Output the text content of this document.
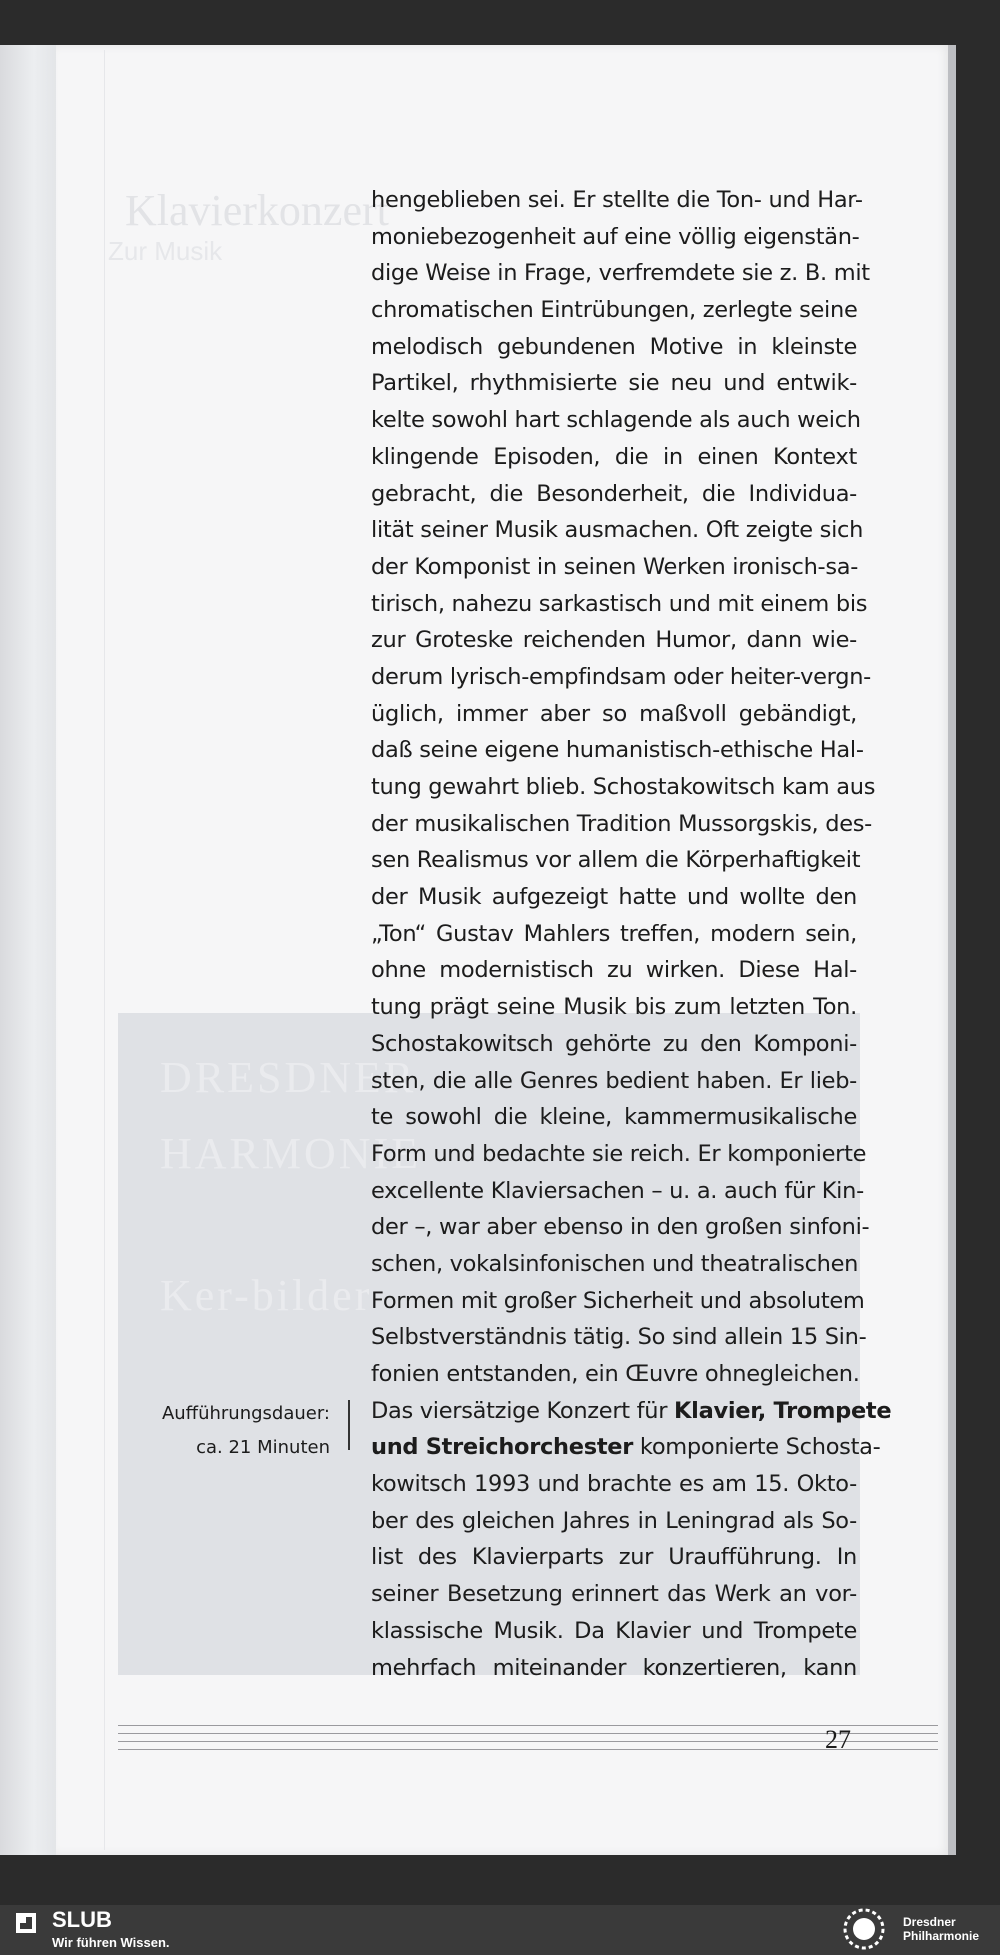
Klavierkonzert
Zur Musik
DRESDNER
HARMONIE
Ker-bilder
hengeblieben sei. Er stellte die Ton- und Har-
moniebezogenheit auf eine völlig eigenstän-
dige Weise in Frage, verfremdete sie z. B. mit
chromatischen Eintrübungen, zerlegte seine
melodisch gebundenen Motive in kleinste
Partikel, rhythmisierte sie neu und entwik-
kelte sowohl hart schlagende als auch weich
klingende Episoden, die in einen Kontext
gebracht, die Besonderheit, die Individua-
lität seiner Musik ausmachen. Oft zeigte sich
der Komponist in seinen Werken ironisch-sa-
tirisch, nahezu sarkastisch und mit einem bis
zur Groteske reichenden Humor, dann wie-
derum lyrisch-empfindsam oder heiter-vergn-
üglich, immer aber so maßvoll gebändigt,
daß seine eigene humanistisch-ethische Hal-
tung gewahrt blieb. Schostakowitsch kam aus
der musikalischen Tradition Mussorgskis, des-
sen Realismus vor allem die Körperhaftigkeit
der Musik aufgezeigt hatte und wollte den
„Ton“ Gustav Mahlers treffen, modern sein,
ohne modernistisch zu wirken. Diese Hal-
tung prägt seine Musik bis zum letzten Ton.
Schostakowitsch gehörte zu den Komponi-
sten, die alle Genres bedient haben. Er lieb-
te sowohl die kleine, kammermusikalische
Form und bedachte sie reich. Er komponierte
excellente Klaviersachen – u. a. auch für Kin-
der –, war aber ebenso in den großen sinfoni-
schen, vokalsinfonischen und theatralischen
Formen mit großer Sicherheit und absolutem
Selbstverständnis tätig. So sind allein 15 Sin-
fonien entstanden, ein Œuvre ohnegleichen.
Das viersätzige Konzert für Klavier, Trompete
und Streichorchester komponierte Schosta-
kowitsch 1993 und brachte es am 15. Okto-
ber des gleichen Jahres in Leningrad als So-
list des Klavierparts zur Uraufführung. In
seiner Besetzung erinnert das Werk an vor-
klassische Musik. Da Klavier und Trompete
mehrfach miteinander konzertieren, kann
Aufführungsdauer:
ca. 21 Minuten
27
SLUB
Wir führen Wissen.
Dresdner
Philharmonie
